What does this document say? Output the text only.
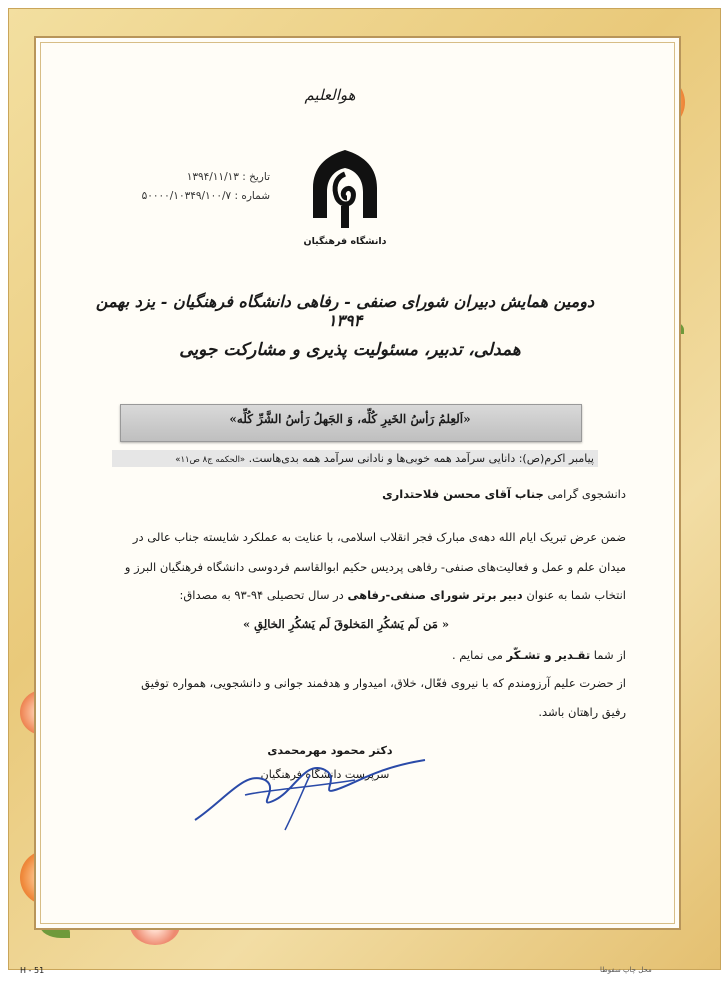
هوالعليم
تاریخ : ۱۳۹۴/۱۱/۱۳
شماره : ۵۰۰۰۰/۱۰۳۴۹/۱۰۰/۷
دانشگاه فرهنگیان
دومین همایش دبیران شورای صنفی - رفاهی دانشگاه فرهنگیان - یزد بهمن ۱۳۹۴
همدلی، تدبیر، مسئولیت پذیری و مشارکت جویی
«اَلعِلمُ رَأسُ الخَیرِ کُلِّه، وَ الجَهلُ رَأسُ الشَّرِّ کُلِّه»
پیامبر اکرم(ص): دانایی سرآمد همه خوبی‌ها و نادانی سرآمد همه بدی‌هاست. «الحکمه ج۸ ص۱۱»
دانشجوی گرامی جناب آقای محسن فلاحتداری
ضمن عرض تبریک ایام الله دهه‌ی مبارک فجر انقلاب اسلامی، با عنایت به عملکرد شایسته جناب عالی در
میدان علم و عمل و فعالیت‌های صنفی- رفاهی پردیس حکیم ابوالقاسم فردوسی دانشگاه فرهنگیان البرز و
انتخاب شما به عنوان دبیر برتر شورای صنفی-رفاهی در سال تحصیلی ۹۴-۹۳ به مصداق:
« مَن لَم یَشکُرِ المَخلوقَ لَم یَشکُرِ الخالِقِ »
از شما تقـدیر و تشـکّر می نمایم .
از حضرت علیم آرزومندم که با نیروی فعّال، خلاق، امیدوار و هدفمند جوانی و دانشجویی، همواره توفیق
رفیق راهتان باشد.
دکتر محمود مهرمحمدی
سرپرست دانشگاه فرهنگیان
H - 51	محل چاپ سفوطا
